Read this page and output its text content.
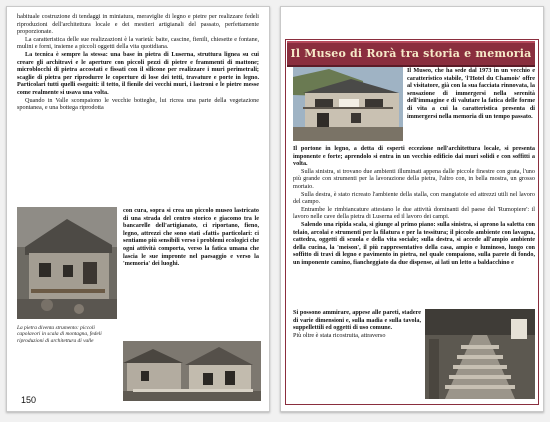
habituale costruzione di tendaggi in miniatura, meraviglie di legno e pietre per realizzare fedeli riproduzioni dell'architettura locale e dei mestieri artigianali del passato, perfettamente proporzionate.

La caratteristica delle sue realizzazioni è la varietà: baite, cascine, fienili, chiesette e fontane, mulini e forni, insieme a piccoli oggetti della vita quotidiana.

La tecnica è sempre la stessa: una base in pietra di Luserna, struttura lignea su cui creare gli architravi e le aperture con piccoli pezzi di pietre e frammenti di mattone; microblocchi di pietra accostati e fissati con il silicone per realizzare i muri perimetrali; scaglie di pietra per riprodurre le coperture di lose dei tetti, travature e porte in legno. Particolari tutti quelli eseguiti: il tetto, il fienile dei vecchi muri, i lastroni e le pietre messe come realmente si usava una volta.

Quando in Valle scompaiono le vecchie botteghe, lui ricrea una parte della vegetazione spontanea, e una bottega riprodotta

con cura, sopra si crea un piccolo museo lastricato di una strada del centro storico e giacomo tra le bancarelle dell'artigianato, ci riportano, fieno, legno, attrezzi che sono stati «fatti» particolari: ci sentiamo più sensibili verso i problemi ecologici che ogni attività comporta, verso la fatica umana che lascia le sue impronte nel paesaggio e verso la 'memoria' dei luoghi.

La pietra diventa strumento: piccoli capolavori in scala di montagna, fedeli riproduzioni di architettura di valle
150
Il Museo di Rorà tra storia e memoria

Il Museo, che ha sede dal 1973 in un vecchio e caratteristico stabile, 'l'Hotel du Chamois' offre al visitatore, già con la sua facciata rinnovata, la sensazione di immergersi nella serenità dell'immagine e di valutare la fatica delle forme di vita a cui la caratteristica presenta di immergersi nella memoria di un tempo passato.

Il portone in legno, a detta di esperti eccezione nell'architettura locale, si presenta imponente e forte; aprendolo si entra in un vecchio edificio dai muri solidi e con soffitti a volta.

Sulla sinistra, si trovano due ambienti illuminati appena dalle piccole finestre con grata, l'uno più grande con strumenti per la lavorazione della pietra, l'altro con, in bella mostra, un grosso mortaio.

Sulla destra, è stato ricreato l'ambiente della stalla, con mangiatoie ed attrezzi utili nel lavoro del campo.

Entrambe le rimbiancature attestano le due attività dominanti del paese del 'Rumopiere': il lavoro nelle cave della pietra di Luserna ed il lavoro dei campi.

Salendo una ripida scala, si giunge al primo piano: sulla sinistra, si aprono la saletta con telaio, arcolai e strumenti per la filatura e per la tessitura; il piccolo ambiente con lavagna, cattedra, oggetti di scuola e della vita sociale; sulla destra, si accede all'ampio ambiente della cucina, la 'meison', il più rappresentativo della casa, ampio e luminoso, luogo con soffitto di travi di legno e pavimento in pietra, nel quale compaiono, sulla parete di fondo, un imponente camino, fiancheggiato da due dispense, ai lati un letto a baldacchino e

Si possono ammirare, appese alle pareti, stadere di varie dimensioni e, sulla madia e sulla tavola, suppellettili ed oggetti di uso comune.

Più oltre è stata ricostruita, attraverso
